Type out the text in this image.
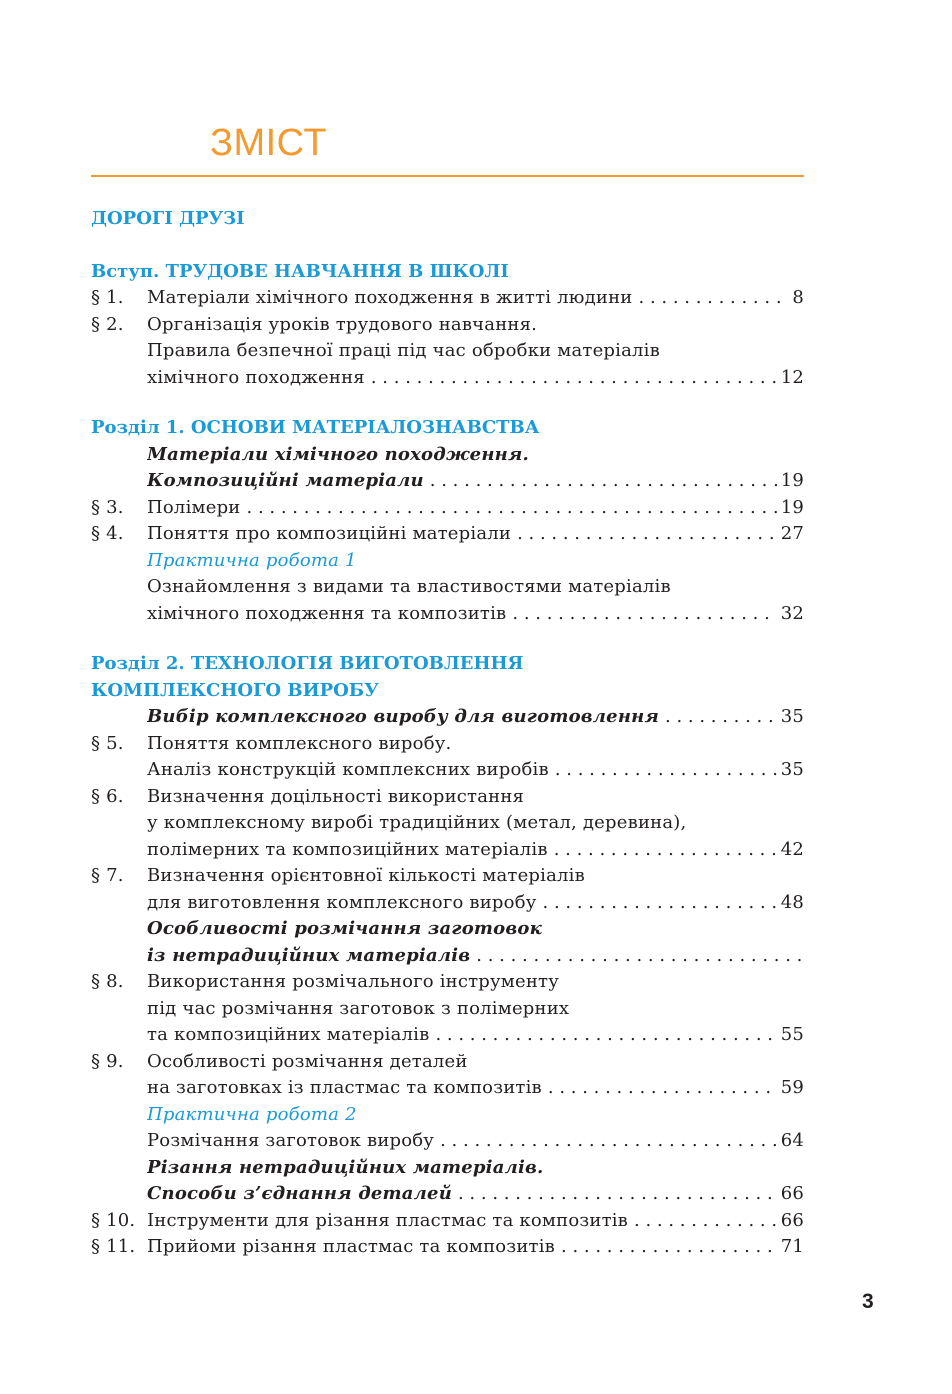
ЗМІСТ
ДОРОГІ ДРУЗІ
Вступ. ТРУДОВЕ НАВЧАННЯ В ШКОЛІ
§ 1.	Матеріали хімічного походження в житті людини . . .	8
§ 2.	Організація уроків трудового навчання.
Правила безпечної праці під час обробки матеріалів
хімічного походження . . .	12
Розділ 1. ОСНОВИ МАТЕРІАЛОЗНАВСТВА
Матеріали хімічного походження.
Композиційні матеріали . . .	19
§ 3.	Полімери . . .	19
§ 4.	Поняття про композиційні матеріали . . .	27
Практична робота 1
Ознайомлення з видами та властивостями матеріалів
хімічного походження та композитів . . .	32
Розділ 2. ТЕХНОЛОГІЯ ВИГОТОВЛЕННЯ
КОМПЛЕКСНОГО ВИРОБУ
Вибір комплексного виробу для виготовлення . . .	35
§ 5.	Поняття комплексного виробу.
Аналіз конструкцій комплексних виробів . . .	35
§ 6.	Визначення доцільності використання
у комплексному виробі традиційних (метал, деревина),
полімерних та композиційних матеріалів . . .	42
§ 7.	Визначення орієнтовної кількості матеріалів
для виготовлення комплексного виробу . . .	48
Особливості розмічання заготовок
із нетрадиційних матеріалів
. . .
§ 8.	Використання розмічального інструменту
під час розмічання заготовок з полімерних
та композиційних матеріалів . . .	55
§ 9.	Особливості розмічання деталей
на заготовках із пластмас та композитів . . .	59
Практична робота 2
Розмічання заготовок виробу . . .	64
Різання нетрадиційних матеріалів.
Способи з’єднання деталей . . .	66
§ 10. Інструменти для різання пластмас та композитів . . .	66
§ 11. Прийоми різання пластмас та композитів . . .	71
3
